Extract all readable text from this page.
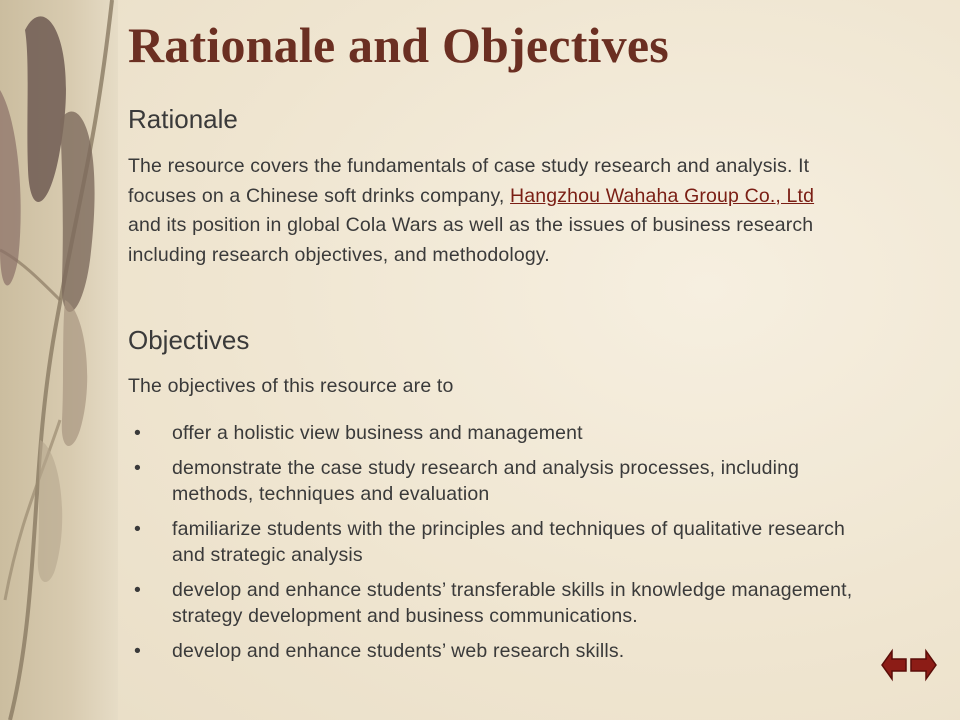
Rationale and Objectives
Rationale

The resource covers the fundamentals of case study research and analysis. It focuses on a Chinese soft drinks company, Hangzhou Wahaha Group Co., Ltd and its position in global Cola Wars as well as the issues of business research including research objectives, and methodology.

Objectives

The objectives of this resource are to

• offer a holistic view business and management
• demonstrate the case study research and analysis processes, including methods, techniques and evaluation
• familiarize students with the principles and techniques of qualitative research and strategic analysis
• develop and enhance students’ transferable skills in knowledge management, strategy development and business communications.
• develop and enhance students’ web research skills.
